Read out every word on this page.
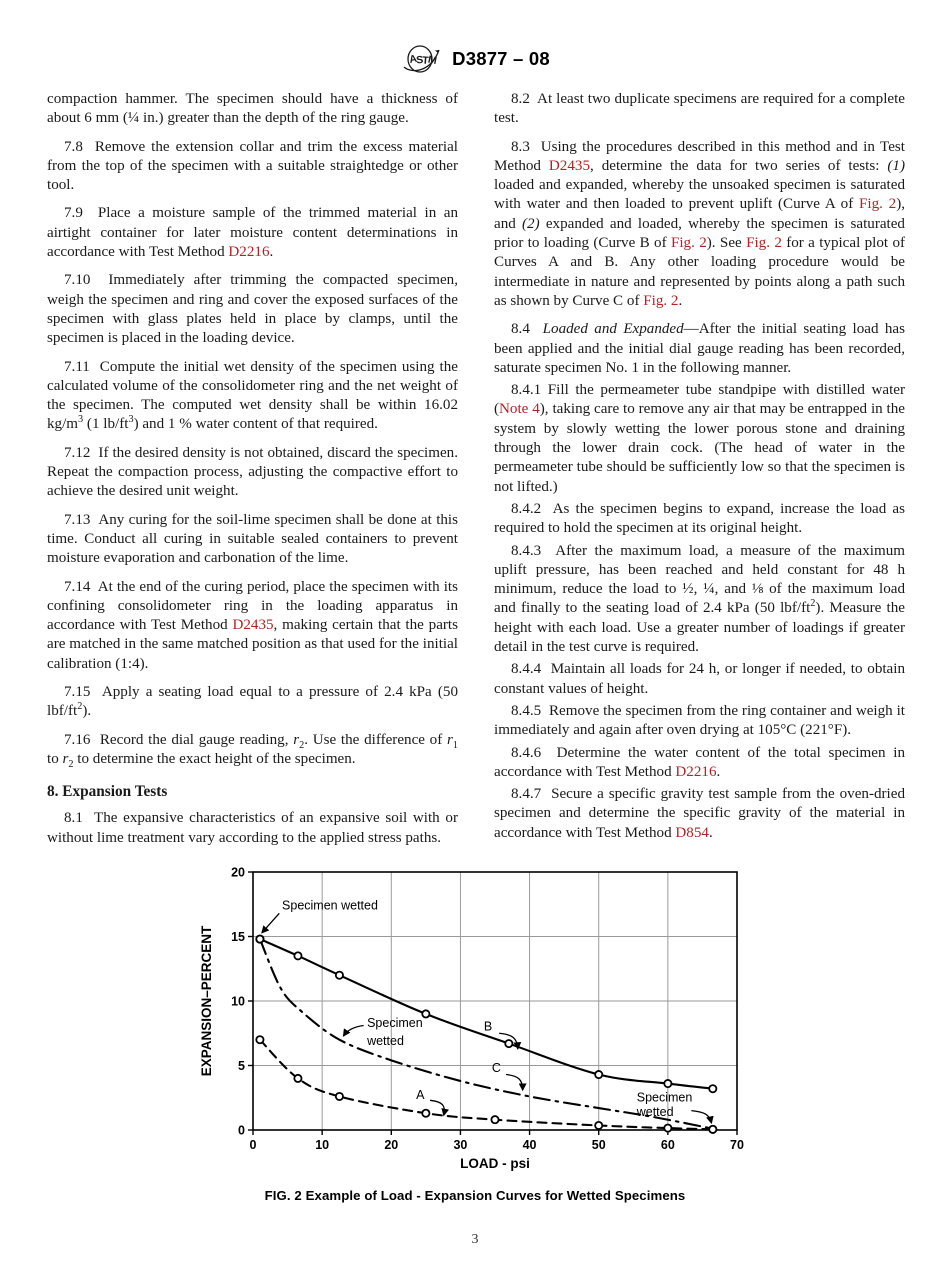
A
S
T
M D3877 – 08

compaction hammer. The specimen should have a thickness of about 6 mm (¼ in.) greater than the depth of the ring gauge.

7.8  Remove the extension collar and trim the excess material from the top of the specimen with a suitable straightedge or other tool.

7.9  Place a moisture sample of the trimmed material in an airtight container for later moisture content determinations in accordance with Test Method D2216.

7.10  Immediately after trimming the compacted specimen, weigh the specimen and ring and cover the exposed surfaces of the specimen with glass plates held in place by clamps, until the specimen is placed in the loading device.

7.11  Compute the initial wet density of the specimen using the calculated volume of the consolidometer ring and the net weight of the specimen. The computed wet density shall be within 16.02 $kg/m^3$ (1 $lb/ft^3$) and 1 % water content of that required.

7.12  If the desired density is not obtained, discard the specimen. Repeat the compaction process, adjusting the compactive effort to achieve the desired unit weight.

7.13  Any curing for the soil-lime specimen shall be done at this time. Conduct all curing in suitable sealed containers to prevent moisture evaporation and carbonation of the lime.

7.14  At the end of the curing period, place the specimen with its confining consolidometer ring in the loading apparatus in accordance with Test Method D2435, making certain that the parts are matched in the same matched position as that used for the initial calibration (1:4).

7.15  Apply a seating load equal to a pressure of 2.4 kPa (50 lbf/$ft^2$).

7.16  Record the dial gauge reading, $r_2$. Use the difference of $r_1$ to $r_2$ to determine the exact height of the specimen.

8. Expansion Tests

8.1  The expansive characteristics of an expansive soil with or without lime treatment vary according to the applied stress paths.

8.2  At least two duplicate specimens are required for a complete test.

8.3  Using the procedures described in this method and in Test Method D2435, determine the data for two series of tests: (1) loaded and expanded, whereby the unsoaked specimen is saturated with water and then loaded to prevent uplift (Curve A of Fig. 2), and (2) expanded and loaded, whereby the specimen is saturated prior to loading (Curve B of Fig. 2). See Fig. 2 for a typical plot of Curves A and B. Any other loading procedure would be intermediate in nature and represented by points along a path such as shown by Curve C of Fig. 2.

8.4 Loaded and Expanded—After the initial seating load has been applied and the initial dial gauge reading has been recorded, saturate specimen No. 1 in the following manner.

8.4.1 Fill the permeameter tube standpipe with distilled water (Note 4), taking care to remove any air that may be entrapped in the system by slowly wetting the lower porous stone and draining through the lower drain cock. (The head of water in the permeameter tube should be sufficiently low so that the specimen is not lifted.)

8.4.2  As the specimen begins to expand, increase the load as required to hold the specimen at its original height.

8.4.3  After the maximum load, a measure of the maximum uplift pressure, has been reached and held constant for 48 h minimum, reduce the load to ½, ¼, and ⅛ of the maximum load and finally to the seating load of 2.4 kPa (50 lbf/$ft^2$). Measure the height with each load. Use a greater number of loadings if greater detail in the test curve is required.

8.4.4  Maintain all loads for 24 h, or longer if needed, to obtain constant values of height.

8.4.5  Remove the specimen from the ring container and weigh it immediately and again after oven drying at 105°C (221°F).

8.4.6  Determine the water content of the total specimen in accordance with Test Method D2216.

8.4.7  Secure a specific gravity test sample from the oven-dried specimen and determine the specific gravity of the material in accordance with Test Method D854.

0	10	20	30	40	50	60	70
0
5
10
15
20
LOAD - psi
EXPANSION–PERCENT
Specimen wetted
Specimen
wetted
Specimen
wetted
B
C
A
FIG. 2 Example of Load - Expansion Curves for Wetted Specimens
3
